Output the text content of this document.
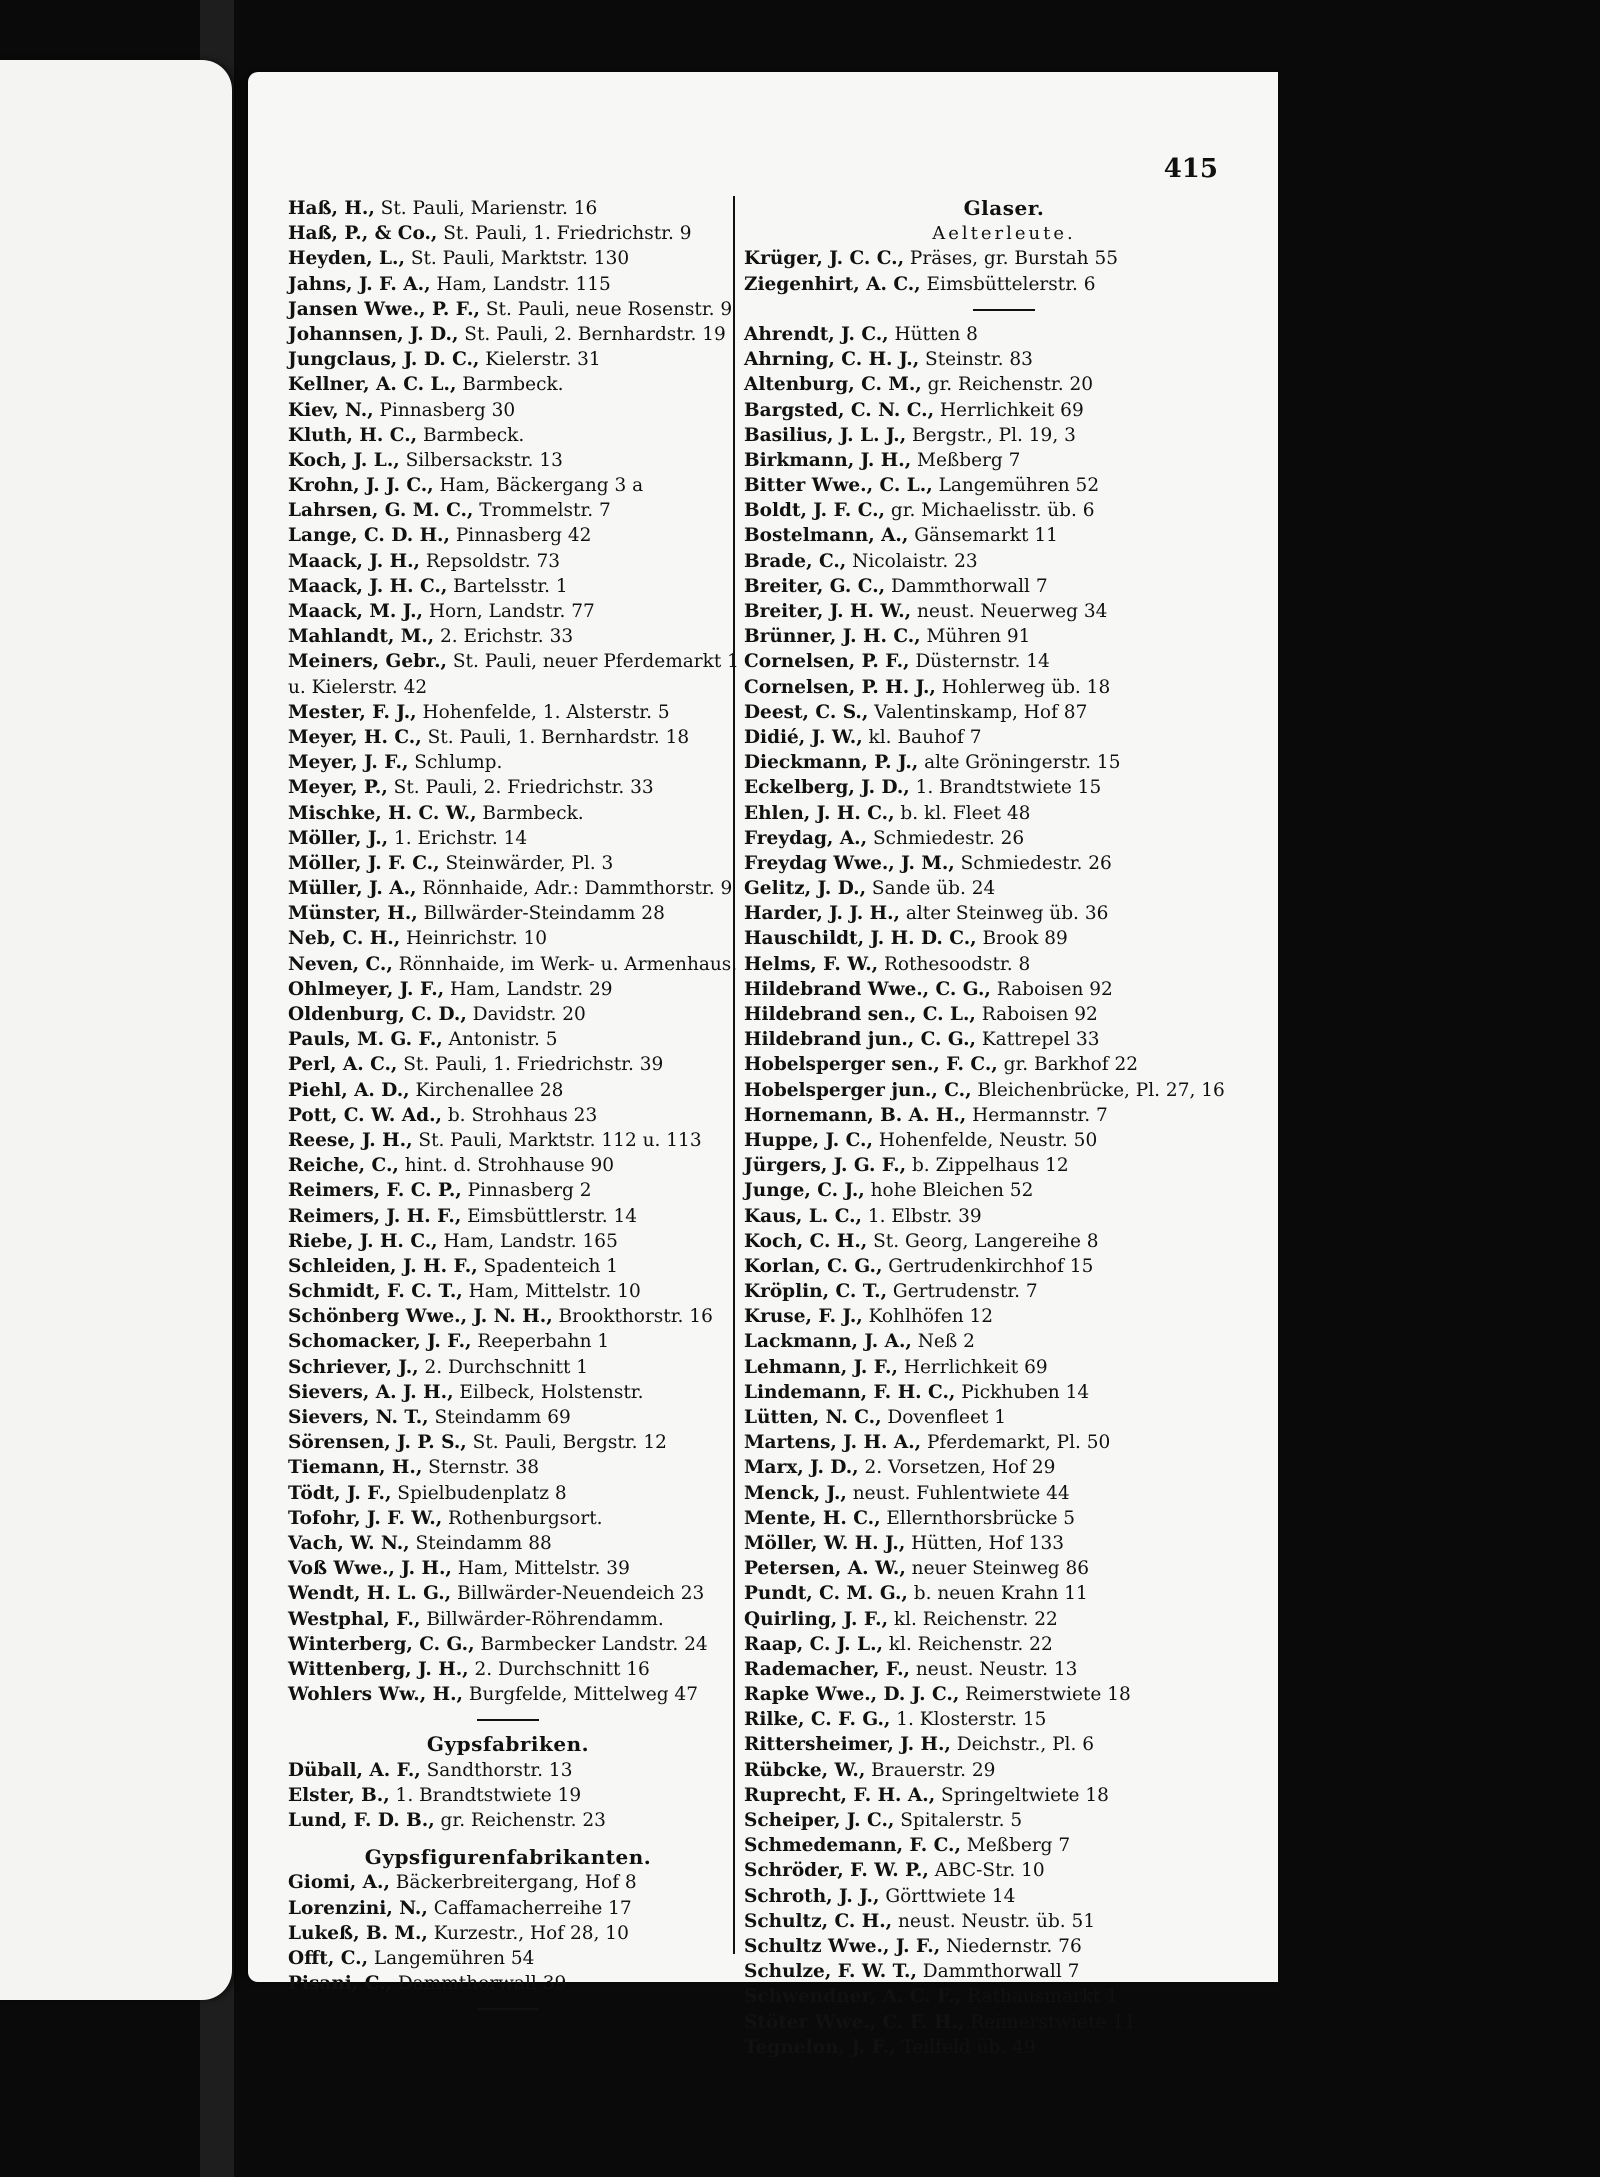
415
Haß, H., St. Pauli, Marienstr. 16
Haß, P., & Co., St. Pauli, 1. Friedrichstr. 9
Heyden, L., St. Pauli, Marktstr. 130
Jahns, J. F. A., Ham, Landstr. 115
Jansen Wwe., P. F., St. Pauli, neue Rosenstr. 9
Johannsen, J. D., St. Pauli, 2. Bernhardstr. 19
Jungclaus, J. D. C., Kielerstr. 31
Kellner, A. C. L., Barmbeck.
Kiev, N., Pinnasberg 30
Kluth, H. C., Barmbeck.
Koch, J. L., Silbersackstr. 13
Krohn, J. J. C., Ham, Bäckergang 3 a
Lahrsen, G. M. C., Trommelstr. 7
Lange, C. D. H., Pinnasberg 42
Maack, J. H., Repsoldstr. 73
Maack, J. H. C., Bartelsstr. 1
Maack, M. J., Horn, Landstr. 77
Mahlandt, M., 2. Erichstr. 33
Meiners, Gebr., St. Pauli, neuer Pferdemarkt 1
u. Kielerstr. 42
Mester, F. J., Hohenfelde, 1. Alsterstr. 5
Meyer, H. C., St. Pauli, 1. Bernhardstr. 18
Meyer, J. F., Schlump.
Meyer, P., St. Pauli, 2. Friedrichstr. 33
Mischke, H. C. W., Barmbeck.
Möller, J., 1. Erichstr. 14
Möller, J. F. C., Steinwärder, Pl. 3
Müller, J. A., Rönnhaide, Adr.: Dammthorstr. 9
Münster, H., Billwärder-Steindamm 28
Neb, C. H., Heinrichstr. 10
Neven, C., Rönnhaide, im Werk- u. Armenhaus.
Ohlmeyer, J. F., Ham, Landstr. 29
Oldenburg, C. D., Davidstr. 20
Pauls, M. G. F., Antonistr. 5
Perl, A. C., St. Pauli, 1. Friedrichstr. 39
Piehl, A. D., Kirchenallee 28
Pott, C. W. Ad., b. Strohhaus 23
Reese, J. H., St. Pauli, Marktstr. 112 u. 113
Reiche, C., hint. d. Strohhause 90
Reimers, F. C. P., Pinnasberg 2
Reimers, J. H. F., Eimsbüttlerstr. 14
Riebe, J. H. C., Ham, Landstr. 165
Schleiden, J. H. F., Spadenteich 1
Schmidt, F. C. T., Ham, Mittelstr. 10
Schönberg Wwe., J. N. H., Brookthorstr. 16
Schomacker, J. F., Reeperbahn 1
Schriever, J., 2. Durchschnitt 1
Sievers, A. J. H., Eilbeck, Holstenstr.
Sievers, N. T., Steindamm 69
Sörensen, J. P. S., St. Pauli, Bergstr. 12
Tiemann, H., Sternstr. 38
Tödt, J. F., Spielbudenplatz 8
Tofohr, J. F. W., Rothenburgsort.
Vach, W. N., Steindamm 88
Voß Wwe., J. H., Ham, Mittelstr. 39
Wendt, H. L. G., Billwärder-Neuendeich 23
Westphal, F., Billwärder-Röhrendamm.
Winterberg, C. G., Barmbecker Landstr. 24
Wittenberg, J. H., 2. Durchschnitt 16
Wohlers Ww., H., Burgfelde, Mittelweg 47
Gypsfabriken.
Düball, A. F., Sandthorstr. 13
Elster, B., 1. Brandtstwiete 19
Lund, F. D. B., gr. Reichenstr. 23
Gypsfigurenfabrikanten.
Giomi, A., Bäckerbreitergang, Hof 8
Lorenzini, N., Caffamacherreihe 17
Lukeß, B. M., Kurzestr., Hof 28, 10
Offt, C., Langemühren 54
Pisani, C., Dammthorwall 39
Glaser.
Aelterleute.
Krüger, J. C. C., Präses, gr. Burstah 55
Ziegenhirt, A. C., Eimsbüttelerstr. 6
Ahrendt, J. C., Hütten 8
Ahrning, C. H. J., Steinstr. 83
Altenburg, C. M., gr. Reichenstr. 20
Bargsted, C. N. C., Herrlichkeit 69
Basilius, J. L. J., Bergstr., Pl. 19, 3
Birkmann, J. H., Meßberg 7
Bitter Wwe., C. L., Langemühren 52
Boldt, J. F. C., gr. Michaelisstr. üb. 6
Bostelmann, A., Gänsemarkt 11
Brade, C., Nicolaistr. 23
Breiter, G. C., Dammthorwall 7
Breiter, J. H. W., neust. Neuerweg 34
Brünner, J. H. C., Mühren 91
Cornelsen, P. F., Düsternstr. 14
Cornelsen, P. H. J., Hohlerweg üb. 18
Deest, C. S., Valentinskamp, Hof 87
Didié, J. W., kl. Bauhof 7
Dieckmann, P. J., alte Gröningerstr. 15
Eckelberg, J. D., 1. Brandtstwiete 15
Ehlen, J. H. C., b. kl. Fleet 48
Freydag, A., Schmiedestr. 26
Freydag Wwe., J. M., Schmiedestr. 26
Gelitz, J. D., Sande üb. 24
Harder, J. J. H., alter Steinweg üb. 36
Hauschildt, J. H. D. C., Brook 89
Helms, F. W., Rothesoodstr. 8
Hildebrand Wwe., C. G., Raboisen 92
Hildebrand sen., C. L., Raboisen 92
Hildebrand jun., C. G., Kattrepel 33
Hobelsperger sen., F. C., gr. Barkhof 22
Hobelsperger jun., C., Bleichenbrücke, Pl. 27, 16
Hornemann, B. A. H., Hermannstr. 7
Huppe, J. C., Hohenfelde, Neustr. 50
Jürgers, J. G. F., b. Zippelhaus 12
Junge, C. J., hohe Bleichen 52
Kaus, L. C., 1. Elbstr. 39
Koch, C. H., St. Georg, Langereihe 8
Korlan, C. G., Gertrudenkirchhof 15
Kröplin, C. T., Gertrudenstr. 7
Kruse, F. J., Kohlhöfen 12
Lackmann, J. A., Neß 2
Lehmann, J. F., Herrlichkeit 69
Lindemann, F. H. C., Pickhuben 14
Lütten, N. C., Dovenfleet 1
Martens, J. H. A., Pferdemarkt, Pl. 50
Marx, J. D., 2. Vorsetzen, Hof 29
Menck, J., neust. Fuhlentwiete 44
Mente, H. C., Ellernthorsbrücke 5
Möller, W. H. J., Hütten, Hof 133
Petersen, A. W., neuer Steinweg 86
Pundt, C. M. G., b. neuen Krahn 11
Quirling, J. F., kl. Reichenstr. 22
Raap, C. J. L., kl. Reichenstr. 22
Rademacher, F., neust. Neustr. 13
Rapke Wwe., D. J. C., Reimerstwiete 18
Rilke, C. F. G., 1. Klosterstr. 15
Rittersheimer, J. H., Deichstr., Pl. 6
Rübcke, W., Brauerstr. 29
Ruprecht, F. H. A., Springeltwiete 18
Scheiper, J. C., Spitalerstr. 5
Schmedemann, F. C., Meßberg 7
Schröder, F. W. P., ABC-Str. 10
Schroth, J. J., Görttwiete 14
Schultz, C. H., neust. Neustr. üb. 51
Schultz Wwe., J. F., Niedernstr. 76
Schulze, F. W. T., Dammthorwall 7
Schwendner, A. C. F., Rathausmarkt 1
Stöter Wwe., C. F. H., Reimerstwiete 11
Tegnelon, J. F., Teilfeld üb. 49
